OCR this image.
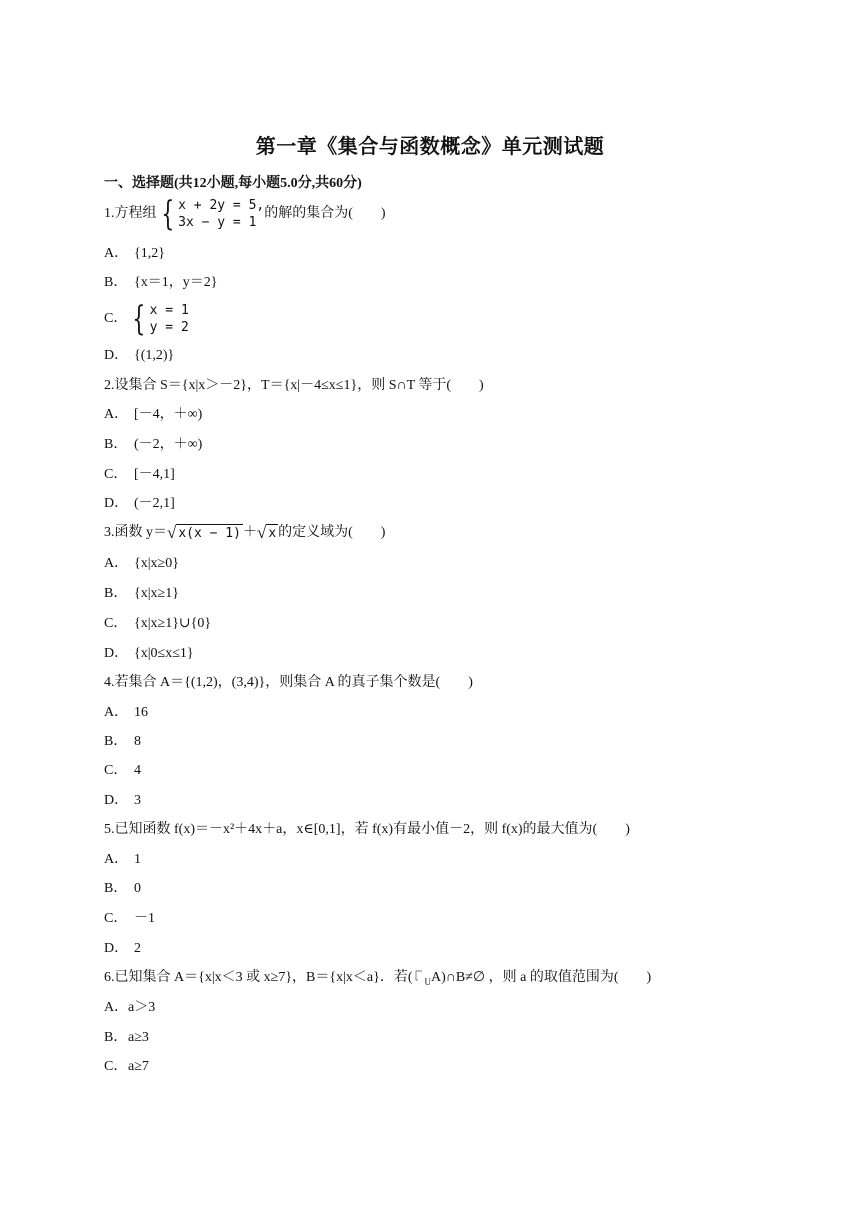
第一章《集合与函数概念》单元测试题
一、选择题(共12小题,每小题5.0分,共60分)
1.方程组 { x + 2y = 5,
3x − y = 1
的解的集合为(　　)
A． {1,2}
B． {x＝1，y＝2}
C． { x = 1
y = 2
D． {(1,2)}
2.设集合 S＝{x|x＞－2}，T＝{x|－4≤x≤1}，则 S∩T 等于(　　)
A． [－4，＋∞)
B． (－2，＋∞)
C． [－4,1]
D． (－2,1]
3.函数 y＝ √ x(x − 1) ＋ √ x 的定义域为(　　)
A． {x|x≥0}
B． {x|x≥1}
C． {x|x≥1}∪{0}
D． {x|0≤x≤1}
4.若集合 A＝{(1,2)，(3,4)}，则集合 A 的真子集个数是(　　)
A． 16
B． 8
C． 4
D． 3
5.已知函数 f(x)＝－x²＋4x＋a，x∈[0,1]，若 f(x)有最小值－2，则 f(x)的最大值为(　　)
A． 1
B． 0
C． －1
D． 2
6.已知集合 A＝{x|x＜3 或 x≥7}，B＝{x|x＜a}．若( $_U$A)∩B≠∅ ，则 a 的取值范围为(　　)
A．a＞3
B．a≥3
C．a≥7
